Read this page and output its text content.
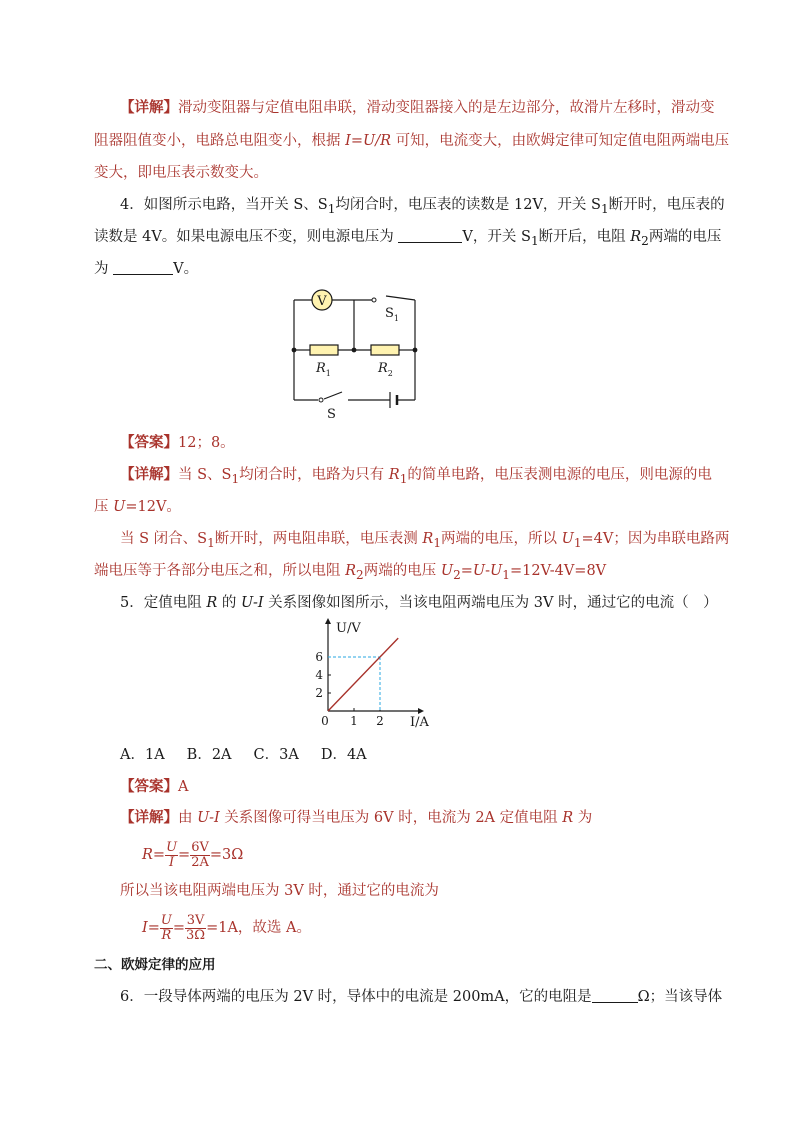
【详解】滑动变阻器与定值电阻串联，滑动变阻器接入的是左边部分，故滑片左移时，滑动变
阻器阻值变小，电路总电阻变小，根据 I=U/R 可知，电流变大，由欧姆定律可知定值电阻两端电压
变大，即电压表示数变大。
4．如图所示电路，当开关 S、$S_1$均闭合时，电压表的读数是 12V，开关 $S_1$断开时，电压表的
读数是 4V。如果电源电压不变，则电源电压为	V，开关 $S_1$断开后，电阻 $R_2$两端的电压
为	V。
V
$S_1$
$R_1$	$R_2$
S
【答案】12；8。
【详解】当 S、$S_1$均闭合时，电路为只有 $R_1$的简单电路，电压表测电源的电压，则电源的电
压 U=12V。
当 S 闭合、$S_1$断开时，两电阻串联，电压表测 $R_1$两端的电压，所以 $U_1=4V$；因为串联电路两
端电压等于各部分电压之和，所以电阻 $R_2$两端的电压 $U_2=U-U_1=12V-4V=8V$
5．定值电阻 R 的 U-I 关系图像如图所示，当该电阻两端电压为 3V 时，通过它的电流（　）
0 1 2
2
4
6
U/V
I/A
A．1A B．2A C．3A D．4A
【答案】A
【详解】由 U-I 关系图像可得当电压为 6V 时，电流为 2A 定值电阻 R 为
$R= \frac{U}{I} = \frac{6V}{2A} =3\Omega$
所以当该电阻两端电压为 3V 时，通过它的电流为
$I= \frac{U}{R} = \frac{3V}{3\Omega} =1A$，故选 A。
二、欧姆定律的应用
6．一段导体两端的电压为 2V 时，导体中的电流是 200mA，它的电阻是	Ω；当该导体
